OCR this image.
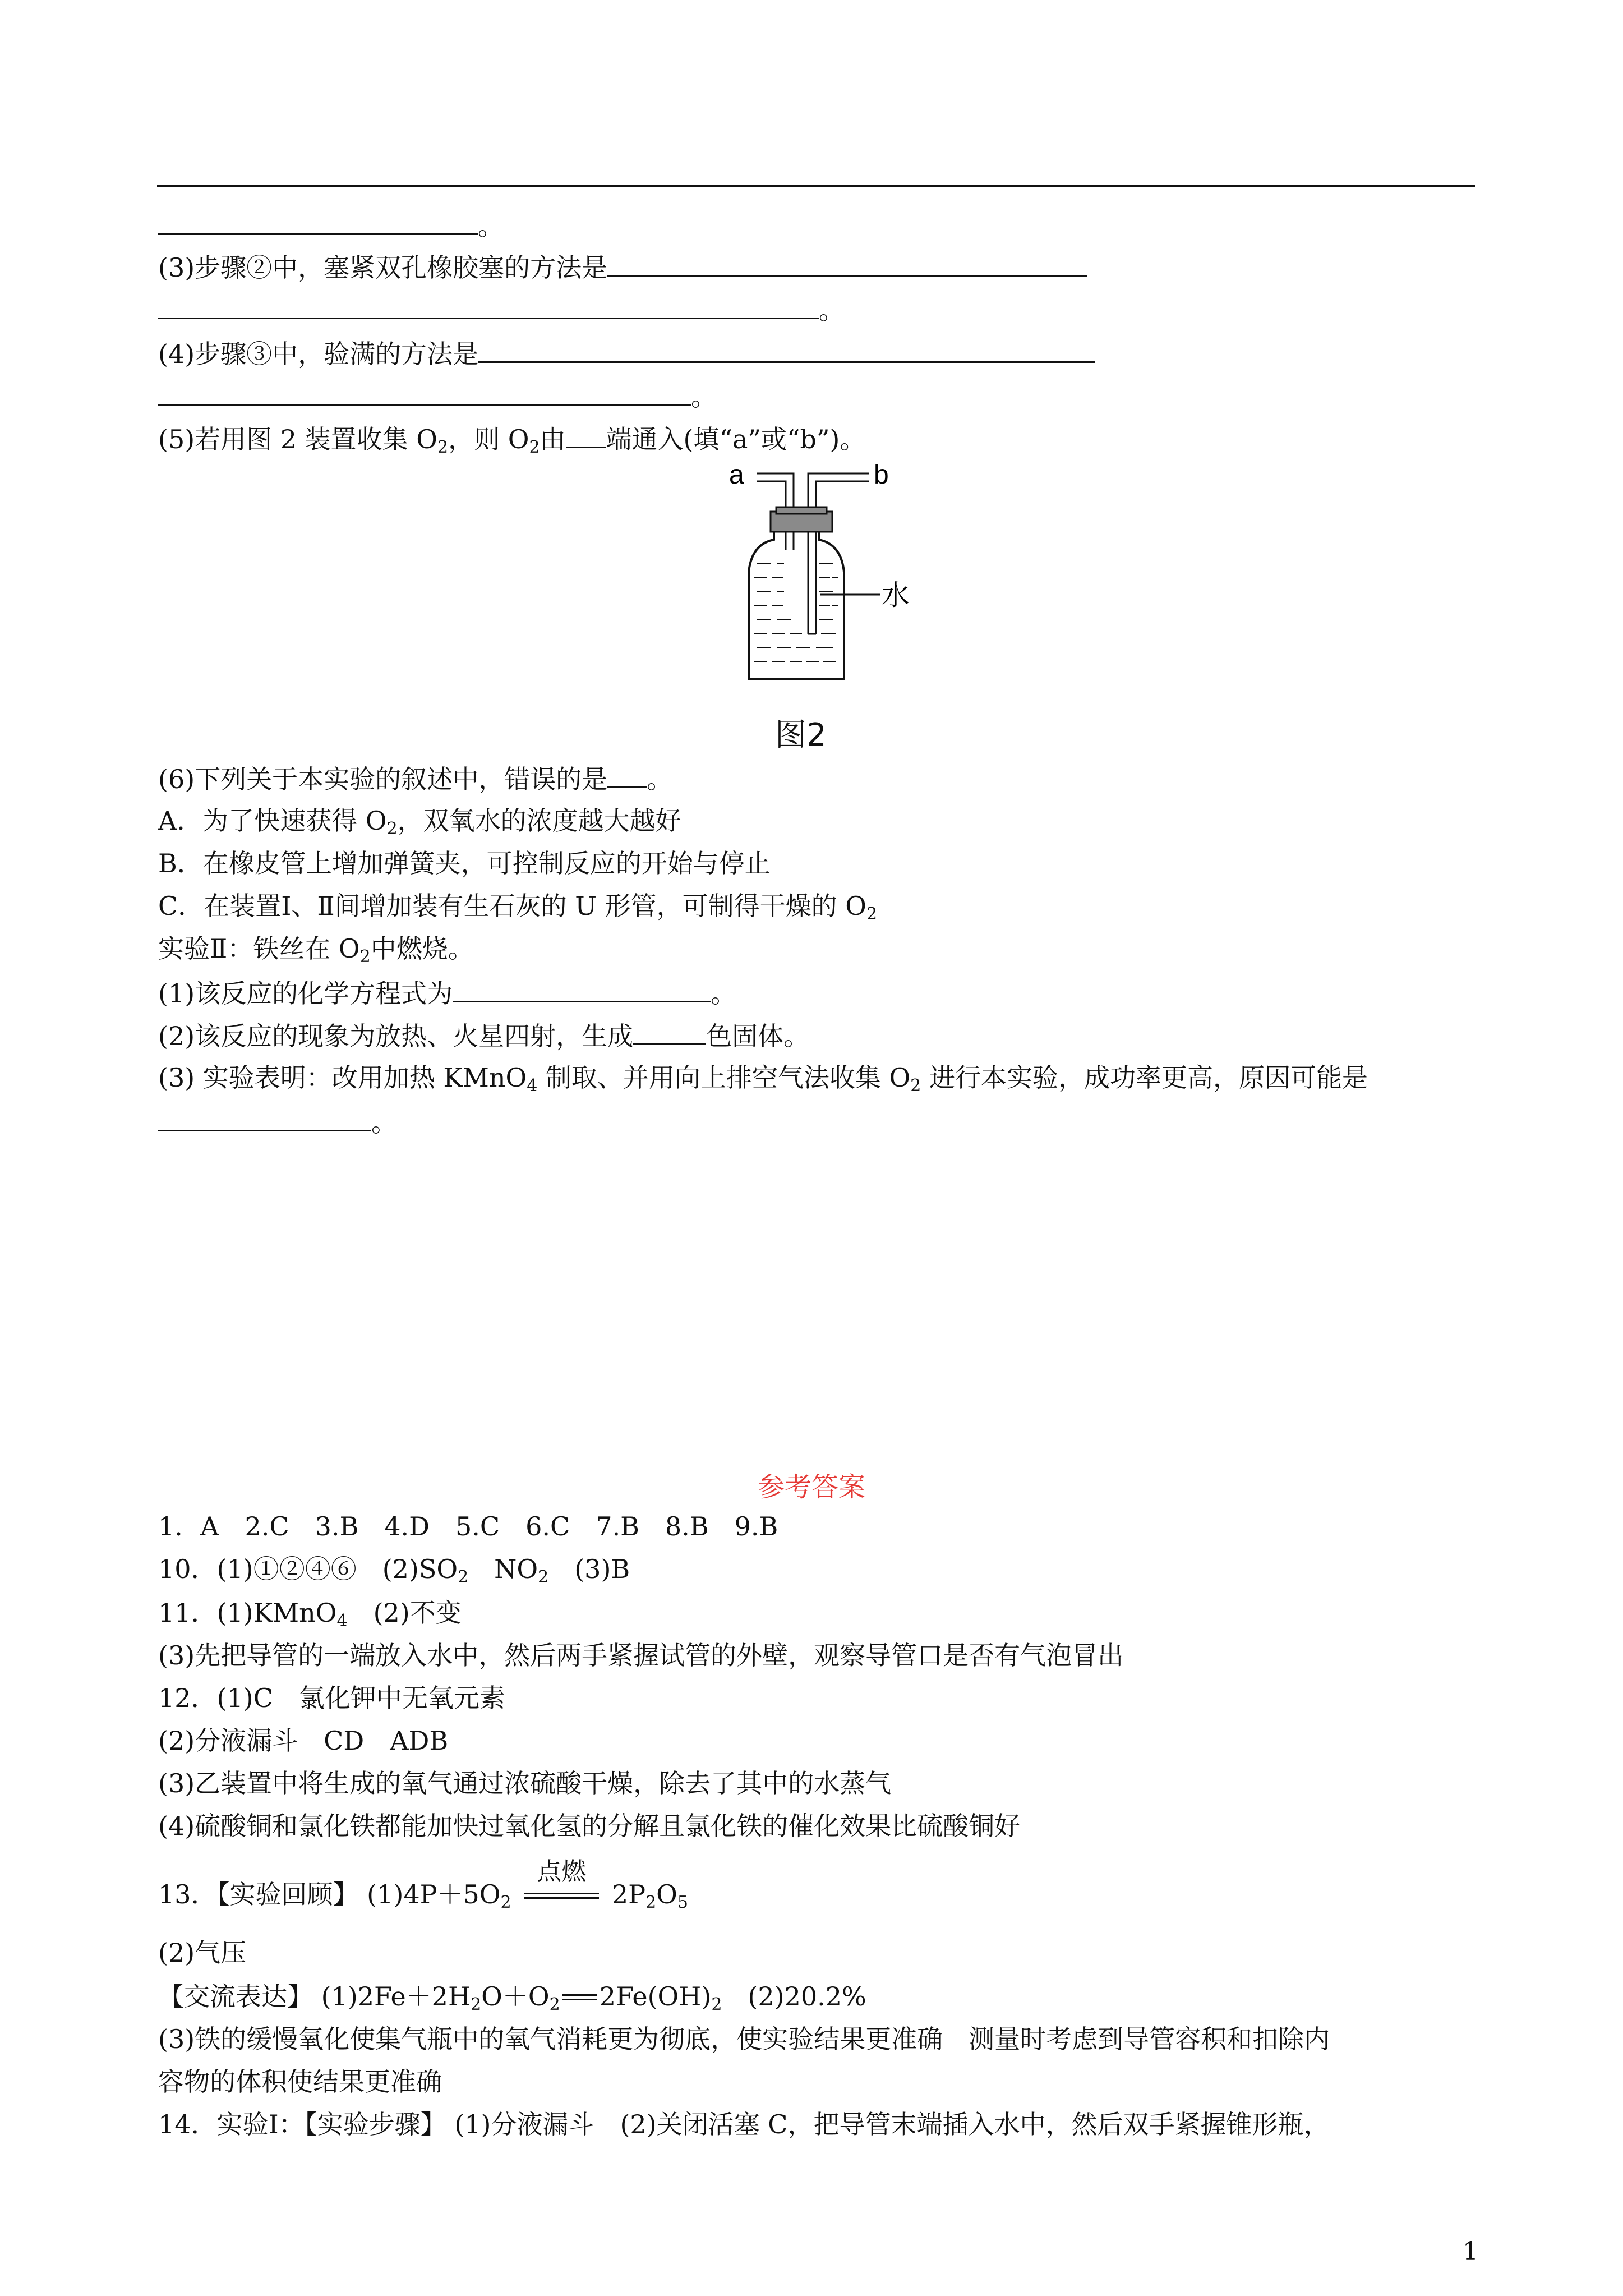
。
(3)步骤②中，塞紧双孔橡胶塞的方法是
。
(4)步骤③中，验满的方法是
。
(5)若用图 2 装置收集 $O_2$，则 $O_2$由 端通入(填“a”或“b”)。
a	b
水
图2
(6)下列关于本实验的叙述中，错误的是 。
A．为了快速获得 $O_2$，双氧水的浓度越大越好
B．在橡皮管上增加弹簧夹，可控制反应的开始与停止
C．在装置Ⅰ、Ⅱ间增加装有生石灰的 U 形管，可制得干燥的 $O_2$
实验Ⅱ：铁丝在 $O_2$中燃烧。
(1)该反应的化学方程式为	。
(2)该反应的现象为放热、火星四射，生成	色固体。
(3) 实验表明：改用加热 KMnO$_4$ 制取、并用向上排空气法收集 $O_2$ 进行本实验，成功率更高，原因可能是
。
参考答案
1．A　2.C　3.B　4.D　5.C　6.C　7.B　8.B　9.B
10．(1)①②④⑥　$(2)SO_2$　$NO_2$　(3)B
11．(1)KMnO$_4$　(2)不变
(3)先把导管的一端放入水中，然后两手紧握试管的外壁，观察导管口是否有气泡冒出
12．(1)C　氯化钾中无氧元素
(2)分液漏斗　CD　ADB
(3)乙装置中将生成的氧气通过浓硫酸干燥，除去了其中的水蒸气
(4)硫酸铜和氯化铁都能加快过氧化氢的分解且氯化铁的催化效果比硫酸铜好
13．【实验回顾】 $(1)4P+5O_2$
点燃
$2P_2O_5$
(2)气压
【交流表达】 $(1)2Fe+2H_2O+O_2$ $2Fe(OH)_2$　(2)20.2%
(3)铁的缓慢氧化使集气瓶中的氧气消耗更为彻底，使实验结果更准确　测量时考虑到导管容积和扣除内
容物的体积使结果更准确
14．实验Ⅰ：【实验步骤】 (1)分液漏斗　(2)关闭活塞 C，把导管末端插入水中，然后双手紧握锥形瓶，
1
